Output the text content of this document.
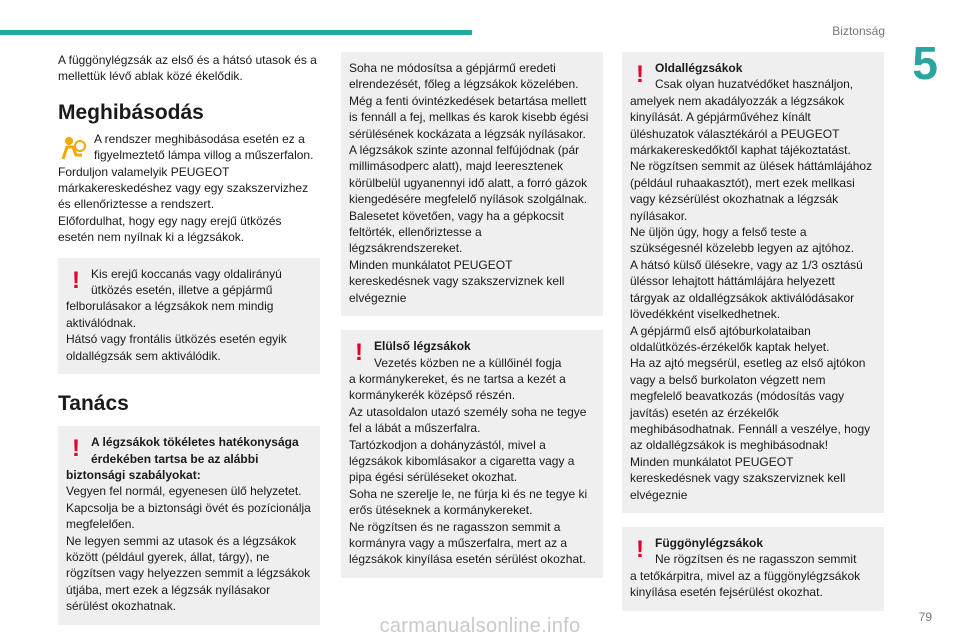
Biztonság
5

A függönylégzsák az első és a hátsó utasok és a mellettük lévő ablak közé ékelődik.

Meghibásodás

A rendszer meghibásodása esetén ez a figyelmeztető lámpa villog a műszerfalon.

Forduljon valamelyik PEUGEOT márkakereskedéshez vagy egy szakszervizhez és ellenőriztesse a rendszert.
Előfordulhat, hogy egy nagy erejű ütközés esetén nem nyílnak ki a légzsákok.

! Kis erejű koccanás vagy oldalirányú ütközés esetén, illetve a gépjármű

felborulásakor a légzsákok nem mindig aktiválódnak.
Hátsó vagy frontális ütközés esetén egyik oldallégzsák sem aktiválódik.

Tanács
! A légzsákok tökéletes hatékonysága érdekében tartsa be az alábbi

biztonsági szabályokat:

Vegyen fel normál, egyenesen ülő helyzetet.
Kapcsolja be a biztonsági övét és pozícionálja megfelelően.
Ne legyen semmi az utasok és a légzsákok között (például gyerek, állat, tárgy), ne rögzítsen vagy helyezzen semmit a légzsákok útjába, mert ezek a légzsák nyílásakor sérülést okozhatnak.

Soha ne módosítsa a gépjármű eredeti elrendezését, főleg a légzsákok közelében.
Még a fenti óvintézkedések betartása mellett is fennáll a fej, mellkas és karok kisebb égési sérülésének kockázata a légzsák nyílásakor.
A légzsákok szinte azonnal felfújódnak (pár millimásodperc alatt), majd leeresztenek körülbelül ugyanennyi idő alatt, a forró gázok kiengedésére megfelelő nyílások szolgálnak.
Balesetet követően, vagy ha a gépkocsit feltörték, ellenőriztesse a légzsákrendszereket.
Minden munkálatot PEUGEOT kereskedésnek vagy szakszerviznek kell elvégeznie

! Elülső légzsákok

Vezetés közben ne a küllőinél fogja

a kormánykereket, és ne tartsa a kezét a kormánykerék középső részén.
Az utasoldalon utazó személy soha ne tegye fel a lábát a műszerfalra.
Tartózkodjon a dohányzástól, mivel a légzsákok kibomlásakor a cigaretta vagy a pipa égési sérüléseket okozhat.
Soha ne szerelje le, ne fúrja ki és ne tegye ki erős ütéseknek a kormánykereket.
Ne rögzítsen és ne ragasszon semmit a kormányra vagy a műszerfalra, mert az a légzsákok kinyílása esetén sérülést okozhat.

! Oldallégzsákok

Csak olyan huzatvédőket használjon,

amelyek nem akadályozzák a légzsákok kinyílását. A gépjárművéhez kínált üléshuzatok választékáról a PEUGEOT márkakereskedőktől kaphat tájékoztatást.
Ne rögzítsen semmit az ülések háttámlájához (például ruhaakasztót), mert ezek mellkasi vagy kézsérülést okozhatnak a légzsák nyílásakor.
Ne üljön úgy, hogy a felső teste a szükségesnél közelebb legyen az ajtóhoz.
A hátsó külső ülésekre, vagy az 1/3 osztású üléssor lehajtott háttámlájára helyezett tárgyak az oldallégzsákok aktiválódásakor lövedékként viselkedhetnek.
A gépjármű első ajtóburkolataiban oldalütközés-érzékelők kaptak helyet.
Ha az ajtó megsérül, esetleg az első ajtókon vagy a belső burkolaton végzett nem megfelelő beavatkozás (módosítás vagy javítás) esetén az érzékelők meghibásodhatnak. Fennáll a veszélye, hogy az oldallégzsákok is meghibásodnak!
Minden munkálatot PEUGEOT kereskedésnek vagy szakszerviznek kell elvégeznie

! Függönylégzsákok

Ne rögzítsen és ne ragasszon semmit

a tetőkárpitra, mivel az a függönylégzsákok kinyílása esetén fejsérülést okozhat.

79
carmanualsonline.info
